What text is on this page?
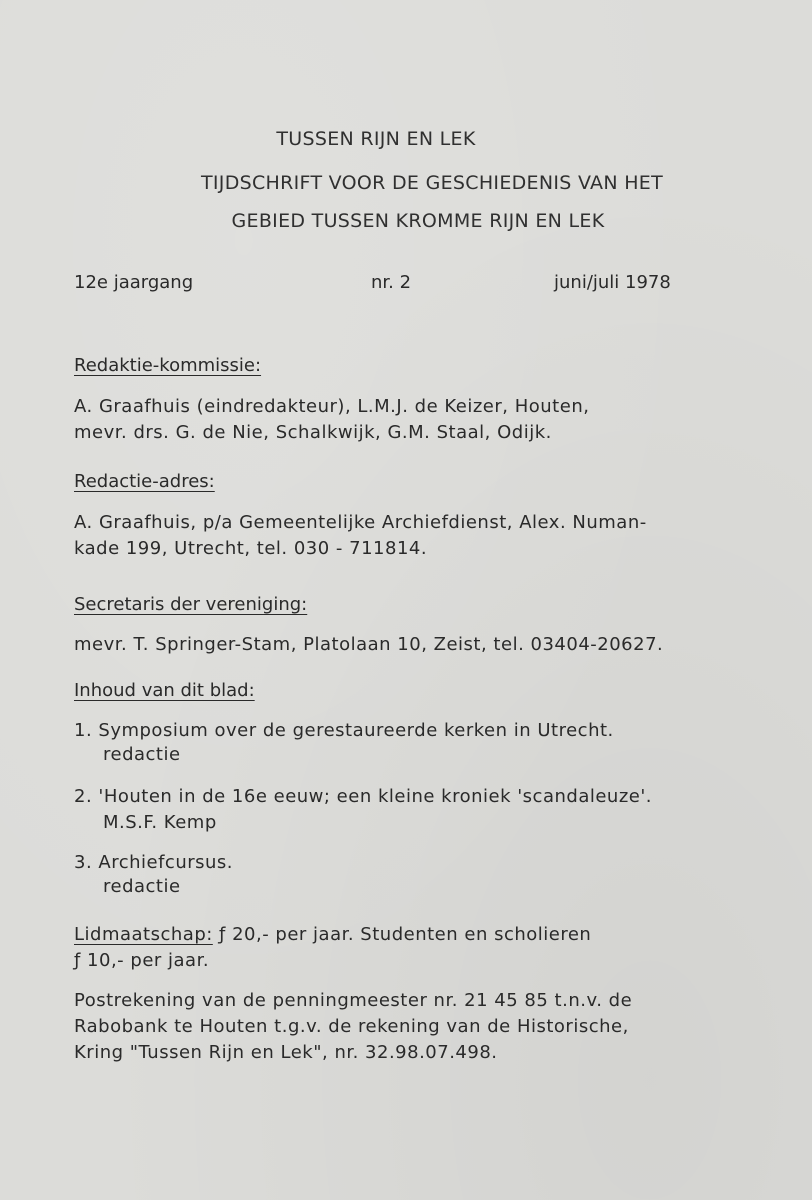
TUSSEN RIJN EN LEK
TIJDSCHRIFT VOOR DE GESCHIEDENIS VAN HET
GEBIED TUSSEN KROMME RIJN EN LEK
12e jaargang	nr. 2	juni/juli 1978
Redaktie-kommissie:
A. Graafhuis (eindredakteur), L.M.J. de Keizer, Houten,
mevr. drs. G. de Nie, Schalkwijk, G.M. Staal, Odijk.
Redactie-adres:
A. Graafhuis, p/a Gemeentelijke Archiefdienst, Alex. Numan-
kade 199, Utrecht, tel. 030 - 711814.
Secretaris der vereniging:
mevr. T. Springer-Stam, Platolaan 10, Zeist, tel. 03404-20627.
Inhoud van dit blad:
1. Symposium over de gerestaureerde kerken in Utrecht.
redactie
2. 'Houten in de 16e eeuw; een kleine kroniek 'scandaleuze'.
M.S.F. Kemp
3. Archiefcursus.
redactie
Lidmaatschap: ƒ 20,- per jaar. Studenten en scholieren
ƒ 10,- per jaar.
Postrekening van de penningmeester nr. 21 45 85 t.n.v. de
Rabobank te Houten t.g.v. de rekening van de Historische,
Kring "Tussen Rijn en Lek", nr. 32.98.07.498.
